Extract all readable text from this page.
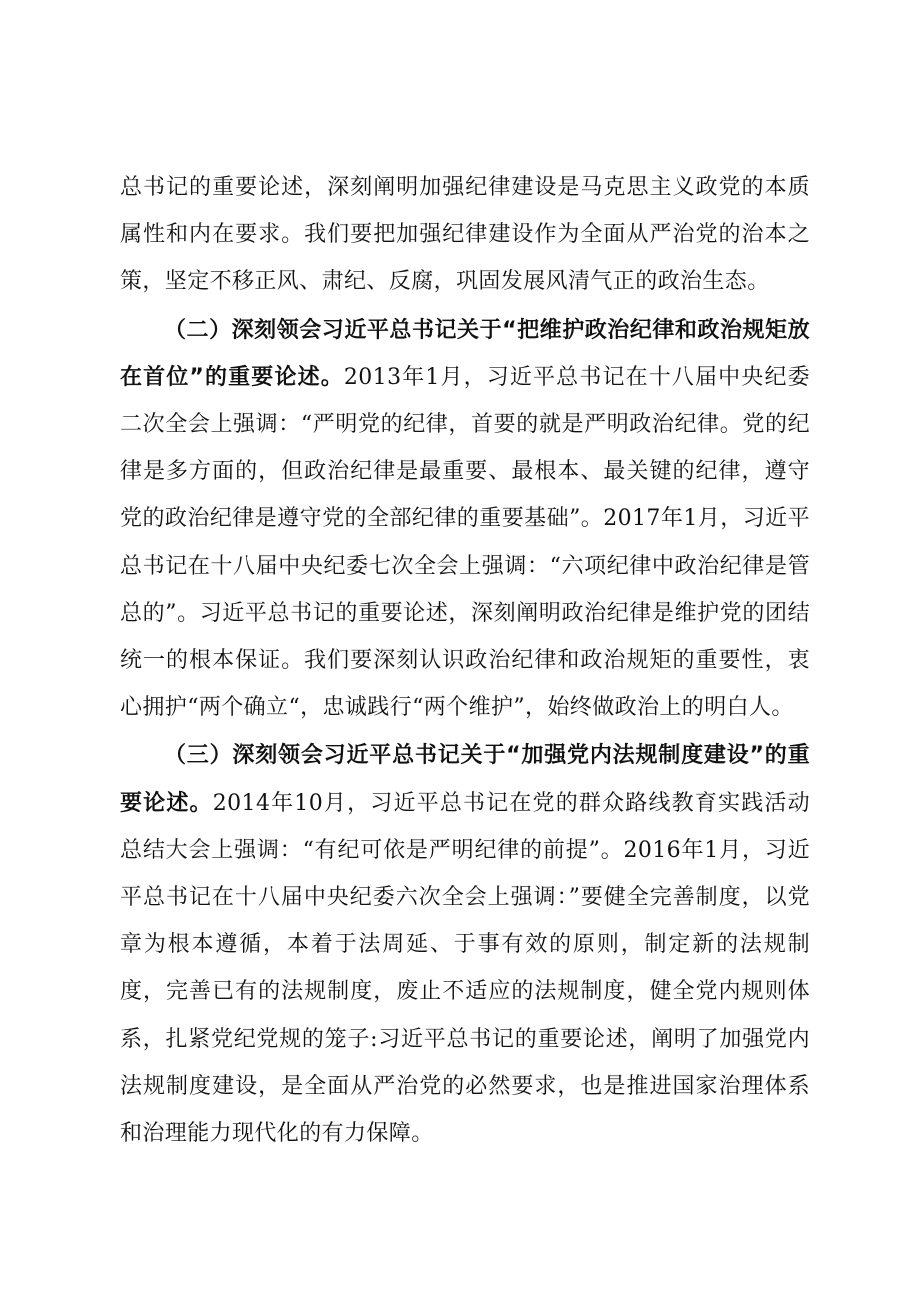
总书记的重要论述，深刻阐明加强纪律建设是马克思主义政党的本质属性和内在要求。我们要把加强纪律建设作为全面从严治党的治本之策，坚定不移正风、肃纪、反腐，巩固发展风清气正的政治生态。

（二）深刻领会习近平总书记关于“把维护政治纪律和政治规矩放在首位”的重要论述。2013年1月，习近平总书记在十八届中央纪委二次全会上强调：“严明党的纪律，首要的就是严明政治纪律。党的纪律是多方面的，但政治纪律是最重要、最根本、最关键的纪律，遵守党的政治纪律是遵守党的全部纪律的重要基础”。2017年1月，习近平总书记在十八届中央纪委七次全会上强调：“六项纪律中政治纪律是管总的”。习近平总书记的重要论述，深刻阐明政治纪律是维护党的团结统一的根本保证。我们要深刻认识政治纪律和政治规矩的重要性，衷心拥护“两个确立“，忠诚践行“两个维护”，始终做政治上的明白人。

（三）深刻领会习近平总书记关于“加强党内法规制度建设”的重要论述。2014年10月，习近平总书记在党的群众路线教育实践活动总结大会上强调：“有纪可依是严明纪律的前提”。2016年1月，习近平总书记在十八届中央纪委六次全会上强调：”要健全完善制度，以党章为根本遵循，本着于法周延、于事有效的原则，制定新的法规制度，完善已有的法规制度，废止不适应的法规制度，健全党内规则体系，扎紧党纪党规的笼子:习近平总书记的重要论述，阐明了加强党内法规制度建设，是全面从严治党的必然要求，也是推进国家治理体系和治理能力现代化的有力保障。
